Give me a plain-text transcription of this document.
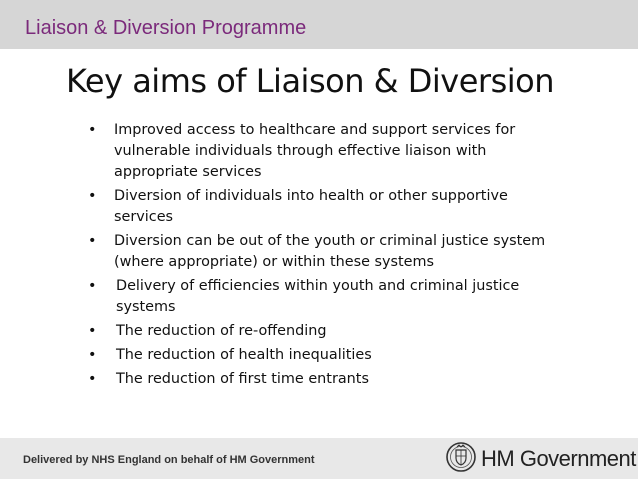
Liaison & Diversion Programme
Key aims of Liaison & Diversion
• Improved access to healthcare and support services for vulnerable individuals through effective liaison with appropriate services
• Diversion of individuals into health or other supportive services
• Diversion can be out of the youth or criminal justice system (where appropriate) or within these systems
• Delivery of efficiencies within youth and criminal justice systems
• The reduction of re-offending
• The reduction of health inequalities
• The reduction of first time entrants
Delivered by NHS England on behalf of HM Government	HM Government
